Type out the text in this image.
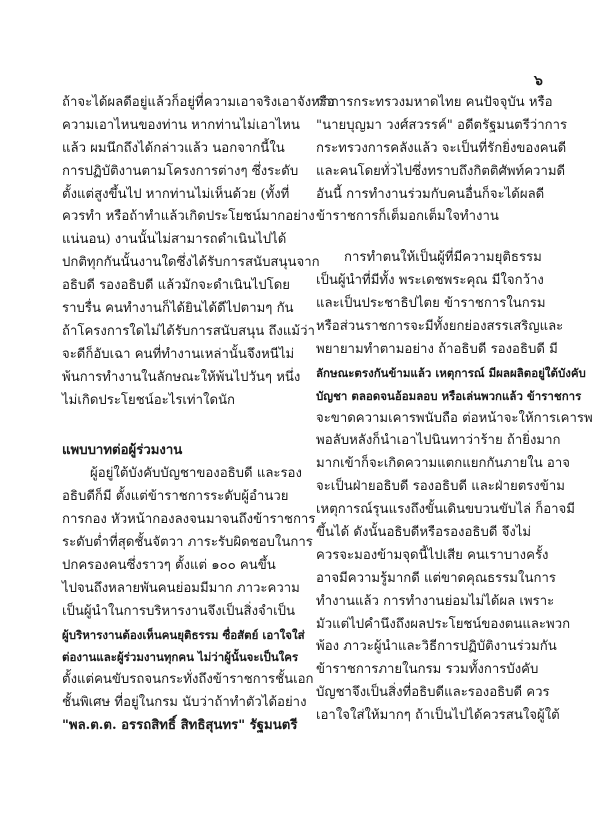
๖
ถ้าจะได้ผลดีอยู่แล้วก็อยู่ที่ความเอาจริงเอาจังหรือ
ความเอาไหนของท่าน หากท่านไม่เอาไหน
แล้ว ผมนึกถึงได้กล่าวแล้ว นอกจากนี้ใน
การปฏิบัติงานตามโครงการต่างๆ ซึ่งระดับ
ตั้งแต่สูงขึ้นไป หากท่านไม่เห็นด้วย (ทั้งที่
ควรทำ หรือถ้าทำแล้วเกิดประโยชน์มากอย่าง
แน่นอน) งานนั้นไม่สามารถดำเนินไปได้
ปกติทุกกันนั้นงานใดซึ่งได้รับการสนับสนุนจาก
อธิบดี รองอธิบดี แล้วมักจะดำเนินไปโดย
ราบรื่น คนทำงานก็ได้ยินได้ดีไปตามๆ กัน
ถ้าโครงการใดไม่ได้รับการสนับสนุน ถึงแม้ว่า
จะดีก็อับเฉา คนที่ทำงานเหล่านั้นจึงหนีไม่
พ้นการทำงานในลักษณะให้พ้นไปวันๆ หนึ่ง
ไม่เกิดประโยชน์อะไรเท่าใดนัก
แพบบาทต่อผู้ร่วมงาน
ผู้อยู่ใต้บังคับบัญชาของอธิบดี และรอง
อธิบดีก็มี ตั้งแต่ข้าราชการระดับผู้อำนวย
การกอง หัวหน้ากองลงจนมาจนถึงข้าราชการ
ระดับต่ำที่สุดชั้นจัตวา ภาระรับผิดชอบในการ
ปกครองคนซึ่งราวๆ ตั้งแต่ ๑๐๐ คนขึ้น
ไปจนถึงหลายพันคนย่อมมีมาก ภาวะความ
เป็นผู้นำในการบริหารงานจึงเป็นสิ่งจำเป็น
ผู้บริหารงานต้องเห็นคนยุติธรรม ซื่อสัตย์ เอาใจใส่
ต่องานและผู้ร่วมงานทุกคน ไม่ว่าผู้นั้นจะเป็นใคร
ตั้งแต่คนขับรถจนกระทั่งถึงข้าราชการชั้นเอก
ชั้นพิเศษ ที่อยู่ในกรม นับว่าถ้าทำตัวได้อย่าง
"พล.ต.ต. อรรถสิทธิ์ สิทธิสุนทร" รัฐมนตรี
ว่าการกระทรวงมหาดไทย คนปัจจุบัน หรือ
"นายบุญมา วงศ์สวรรค์" อดีตรัฐมนตรีว่าการ
กระทรวงการคลังแล้ว จะเป็นที่รักยิ่งของคนดี
และคนโดยทั่วไปซึ่งทราบถึงกิตติศัพท์ความดี
อันนี้ การทำงานร่วมกับคนอื่นก็จะได้ผลดี
ข้าราชการก็เต็มอกเต็มใจทำงาน
การทำตนให้เป็นผู้ที่มีความยุติธรรม
เป็นผู้นำที่มีทั้ง พระเดชพระคุณ มีใจกว้าง
และเป็นประชาธิปไตย ข้าราชการในกรม
หรือส่วนราชการจะมีทั้งยกย่องสรรเสริญและ
พยายามทำตามอย่าง ถ้าอธิบดี รองอธิบดี มี
ลักษณะตรงกันข้ามแล้ว เหตุการณ์ มีผลผลิตอยู่ใต้บังคับ
บัญชา ตลอดจนอ้อมลอบ หรือเล่นพวกแล้ว ข้าราชการ
จะขาดความเคารพนับถือ ต่อหน้าจะให้การเคารพ
พอลับหลังก็นำเอาไปนินทาว่าร้าย ถ้ายิ่งมาก
มากเข้าก็จะเกิดความแตกแยกกันภายใน อาจ
จะเป็นฝ่ายอธิบดี รองอธิบดี และฝ่ายตรงข้าม
เหตุการณ์รุนแรงถึงขั้นเดินขบวนขับไล่ ก็อาจมี
ขึ้นได้ ดังนั้นอธิบดีหรือรองอธิบดี จึงไม่
ควรจะมองข้ามจุดนี้ไปเสีย คนเราบางครั้ง
อาจมีความรู้มากดี แต่ขาดคุณธรรมในการ
ทำงานแล้ว การทำงานย่อมไม่ได้ผล เพราะ
มัวแต่ไปคำนึงถึงผลประโยชน์ของตนและพวก
พ้อง ภาวะผู้นำและวิธีการปฏิบัติงานร่วมกัน
ข้าราชการภายในกรม รวมทั้งการบังคับ
บัญชาจึงเป็นสิ่งที่อธิบดีและรองอธิบดี ควร
เอาใจใส่ให้มากๆ ถ้าเป็นไปได้ควรสนใจผู้ใต้
